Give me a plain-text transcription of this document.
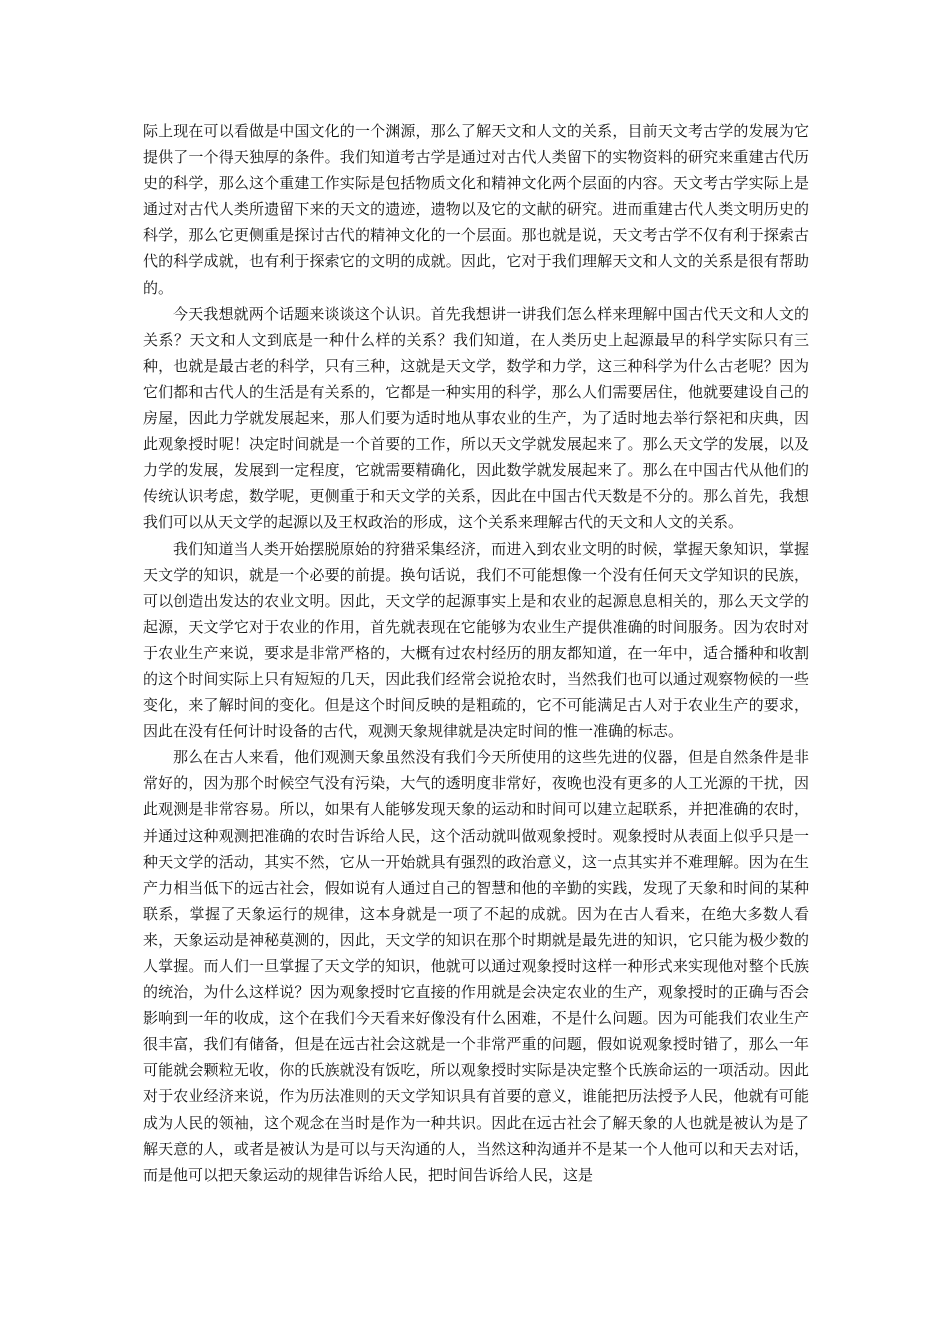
际上现在可以看做是中国文化的一个渊源，那么了解天文和人文的关系，目前天文考古学的发展为它提供了一个得天独厚的条件。我们知道考古学是通过对古代人类留下的实物资料的研究来重建古代历史的科学，那么这个重建工作实际是包括物质文化和精神文化两个层面的内容。天文考古学实际上是通过对古代人类所遗留下来的天文的遗迹，遗物以及它的文献的研究。进而重建古代人类文明历史的科学，那么它更侧重是探讨古代的精神文化的一个层面。那也就是说，天文考古学不仅有利于探索古代的科学成就，也有利于探索它的文明的成就。因此，它对于我们理解天文和人文的关系是很有帮助的。

今天我想就两个话题来谈谈这个认识。首先我想讲一讲我们怎么样来理解中国古代天文和人文的关系？天文和人文到底是一种什么样的关系？我们知道，在人类历史上起源最早的科学实际只有三种，也就是最古老的科学，只有三种，这就是天文学，数学和力学，这三种科学为什么古老呢？因为它们都和古代人的生活是有关系的，它都是一种实用的科学，那么人们需要居住，他就要建设自己的房屋，因此力学就发展起来，那人们要为适时地从事农业的生产，为了适时地去举行祭祀和庆典，因此观象授时呢！决定时间就是一个首要的工作，所以天文学就发展起来了。那么天文学的发展，以及力学的发展，发展到一定程度，它就需要精确化，因此数学就发展起来了。那么在中国古代从他们的传统认识考虑，数学呢，更侧重于和天文学的关系，因此在中国古代天数是不分的。那么首先，我想我们可以从天文学的起源以及王权政治的形成，这个关系来理解古代的天文和人文的关系。

我们知道当人类开始摆脱原始的狩猎采集经济，而进入到农业文明的时候，掌握天象知识，掌握天文学的知识，就是一个必要的前提。换句话说，我们不可能想像一个没有任何天文学知识的民族，可以创造出发达的农业文明。因此，天文学的起源事实上是和农业的起源息息相关的，那么天文学的起源，天文学它对于农业的作用，首先就表现在它能够为农业生产提供准确的时间服务。因为农时对于农业生产来说，要求是非常严格的，大概有过农村经历的朋友都知道，在一年中，适合播种和收割的这个时间实际上只有短短的几天，因此我们经常会说抢农时，当然我们也可以通过观察物候的一些变化，来了解时间的变化。但是这个时间反映的是粗疏的，它不可能满足古人对于农业生产的要求，因此在没有任何计时设备的古代，观测天象规律就是决定时间的惟一准确的标志。

那么在古人来看，他们观测天象虽然没有我们今天所使用的这些先进的仪器，但是自然条件是非常好的，因为那个时候空气没有污染，大气的透明度非常好，夜晚也没有更多的人工光源的干扰，因此观测是非常容易。所以，如果有人能够发现天象的运动和时间可以建立起联系，并把准确的农时，并通过这种观测把准确的农时告诉给人民，这个活动就叫做观象授时。观象授时从表面上似乎只是一种天文学的活动，其实不然，它从一开始就具有强烈的政治意义，这一点其实并不难理解。因为在生产力相当低下的远古社会，假如说有人通过自己的智慧和他的辛勤的实践，发现了天象和时间的某种联系，掌握了天象运行的规律，这本身就是一项了不起的成就。因为在古人看来，在绝大多数人看来，天象运动是神秘莫测的，因此，天文学的知识在那个时期就是最先进的知识，它只能为极少数的人掌握。而人们一旦掌握了天文学的知识，他就可以通过观象授时这样一种形式来实现他对整个氏族的统治，为什么这样说？因为观象授时它直接的作用就是会决定农业的生产，观象授时的正确与否会影响到一年的收成，这个在我们今天看来好像没有什么困难，不是什么问题。因为可能我们农业生产很丰富，我们有储备，但是在远古社会这就是一个非常严重的问题，假如说观象授时错了，那么一年可能就会颗粒无收，你的氏族就没有饭吃，所以观象授时实际是决定整个氏族命运的一项活动。因此对于农业经济来说，作为历法准则的天文学知识具有首要的意义，谁能把历法授予人民，他就有可能成为人民的领袖，这个观念在当时是作为一种共识。因此在远古社会了解天象的人也就是被认为是了解天意的人，或者是被认为是可以与天沟通的人，当然这种沟通并不是某一个人他可以和天去对话，而是他可以把天象运动的规律告诉给人民，把时间告诉给人民，这是
